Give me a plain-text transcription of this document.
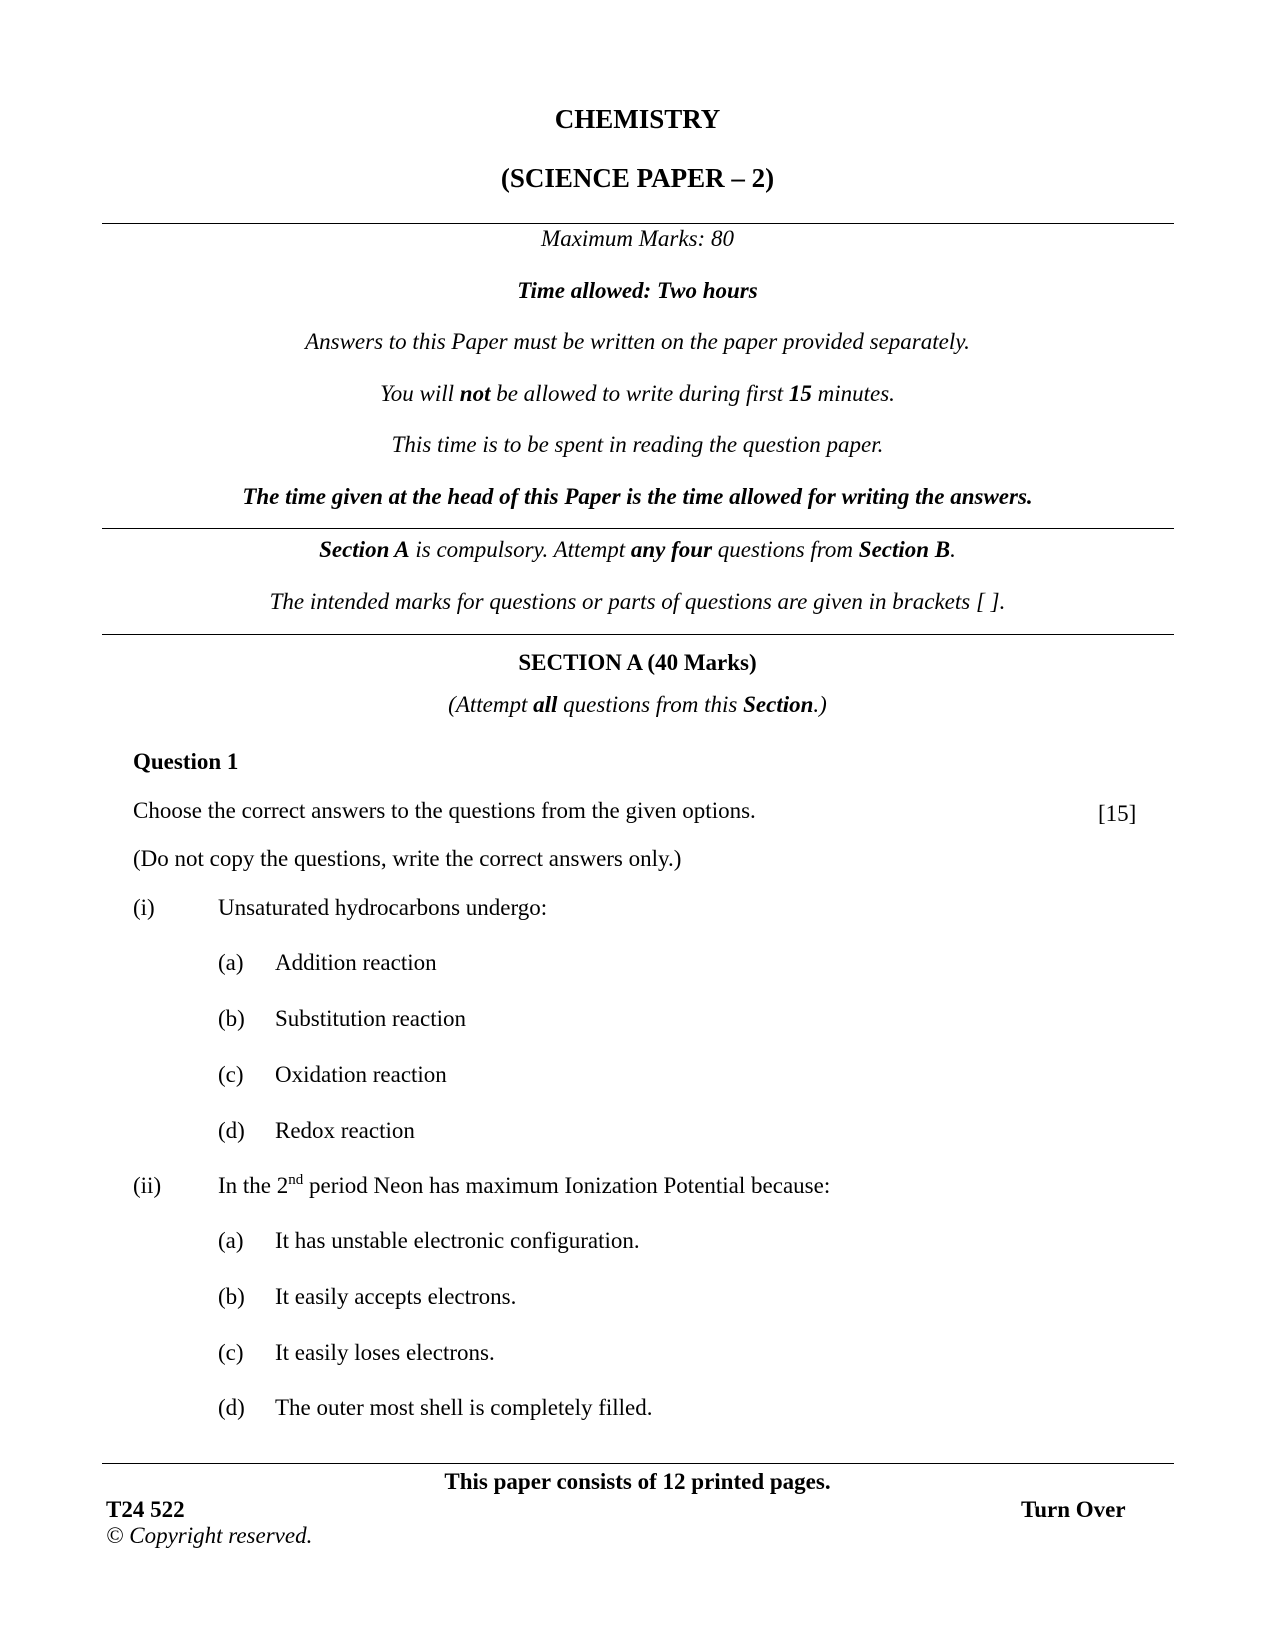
CHEMISTRY
(SCIENCE PAPER – 2)
Maximum Marks: 80
Time allowed: Two hours
Answers to this Paper must be written on the paper provided separately.
You will not be allowed to write during first 15 minutes.
This time is to be spent in reading the question paper.
The time given at the head of this Paper is the time allowed for writing the answers.
Section A is compulsory. Attempt any four questions from Section B.
The intended marks for questions or parts of questions are given in brackets [ ].
SECTION A (40 Marks)
(Attempt all questions from this Section.)
Question 1
Choose the correct answers to the questions from the given options.	[15]
(Do not copy the questions, write the correct answers only.)
(i)	Unsaturated hydrocarbons undergo:
(a) Addition reaction
(b) Substitution reaction
(c) Oxidation reaction
(d) Redox reaction
(ii) In the 2nd period Neon has maximum Ionization Potential because:
(a) It has unstable electronic configuration.
(b) It easily accepts electrons.
(c) It easily loses electrons.
(d) The outer most shell is completely filled.
This paper consists of 12 printed pages.
T24 522	Turn Over
© Copyright reserved.
